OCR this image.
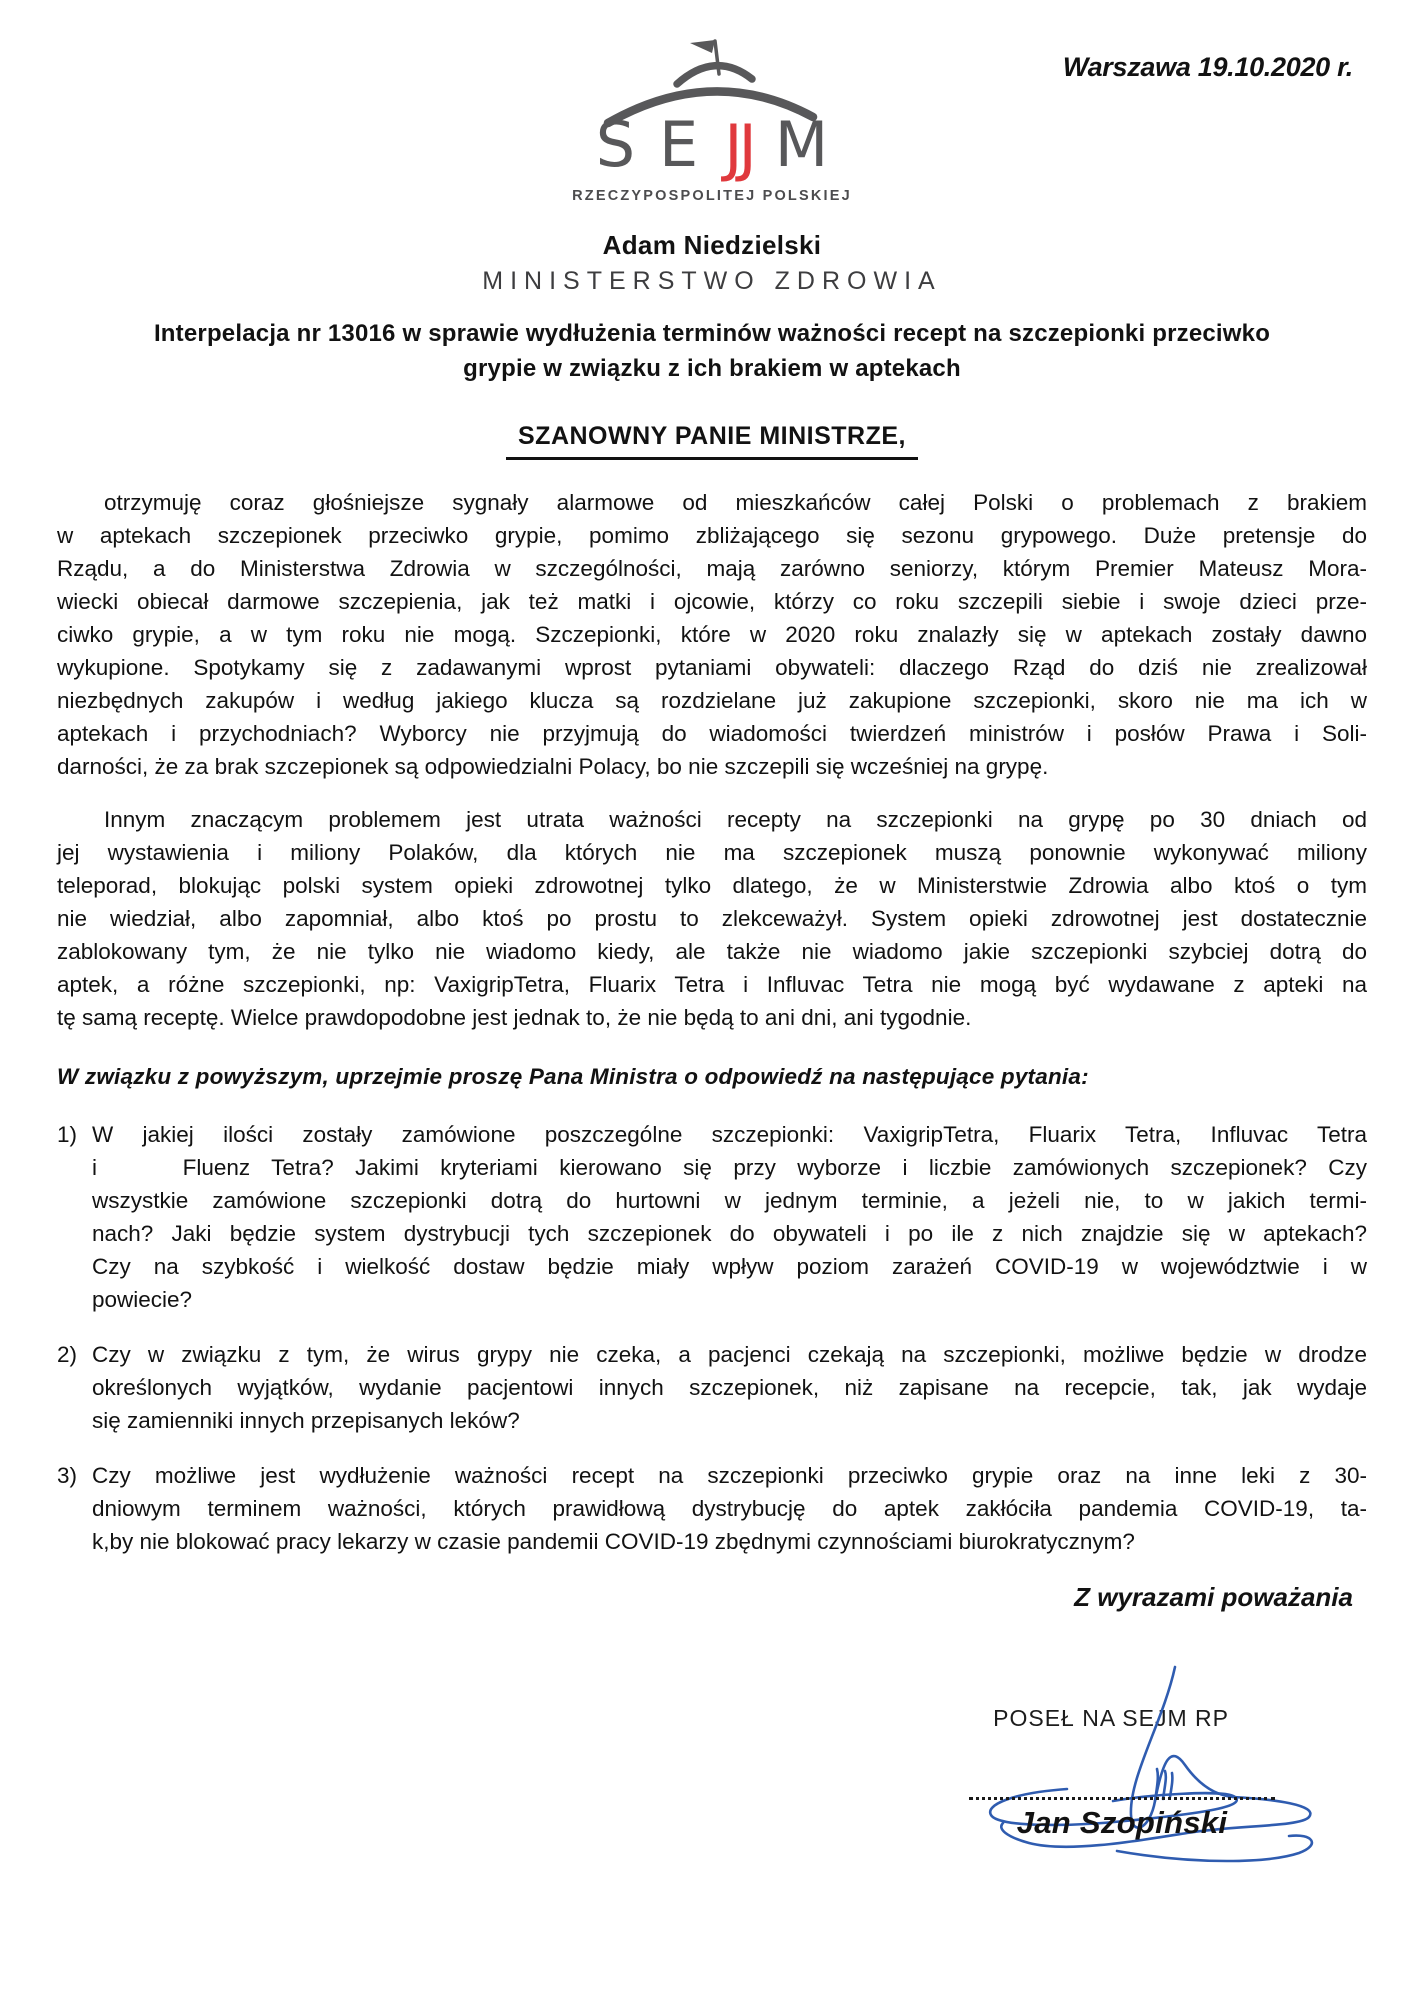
Warszawa 19.10.2020 r.
SE JJ M
RZECZYPOSPOLITEJ POLSKIEJ
Adam Niedzielski
MINISTERSTWO ZDROWIA
Interpelacja nr 13016 w sprawie wydłużenia terminów ważności recept na szczepionki przeciwko
grypie w związku z ich brakiem w aptekach
SZANOWNY PANIE MINISTRZE,
otrzymuję coraz głośniejsze sygnały alarmowe od mieszkańców całej Polski o problemach z brakiem
w aptekach szczepionek przeciwko grypie, pomimo zbliżającego się sezonu grypowego. Duże pretensje do
Rządu, a do Ministerstwa Zdrowia w szczególności, mają zarówno seniorzy, którym Premier Mateusz Mora-
wiecki obiecał darmowe szczepienia, jak też matki i ojcowie, którzy co roku szczepili siebie i swoje dzieci prze-
ciwko grypie, a w tym roku nie mogą. Szczepionki, które w 2020 roku znalazły się w aptekach zostały dawno
wykupione. Spotykamy się z zadawanymi wprost pytaniami obywateli: dlaczego Rząd do dziś nie zrealizował
niezbędnych zakupów i według jakiego klucza są rozdzielane już zakupione szczepionki, skoro nie ma ich w
aptekach i przychodniach? Wyborcy nie przyjmują do wiadomości twierdzeń ministrów i posłów Prawa i Soli-
darności, że za brak szczepionek są odpowiedzialni Polacy, bo nie szczepili się wcześniej na grypę.
Innym znaczącym problemem jest utrata ważności recepty na szczepionki na grypę po 30 dniach od
jej wystawienia i miliony Polaków, dla których nie ma szczepionek muszą ponownie wykonywać miliony
teleporad, blokując polski system opieki zdrowotnej tylko dlatego, że w Ministerstwie Zdrowia albo ktoś o tym
nie wiedział, albo zapomniał, albo ktoś po prostu to zlekceważył. System opieki zdrowotnej jest dostatecznie
zablokowany tym, że nie tylko nie wiadomo kiedy, ale także nie wiadomo jakie szczepionki szybciej dotrą do
aptek, a różne szczepionki, np: VaxigripTetra, Fluarix Tetra i Influvac Tetra nie mogą być wydawane z apteki na
tę samą receptę. Wielce prawdopodobne jest jednak to, że nie będą to ani dni, ani tygodnie.
W związku z powyższym, uprzejmie proszę Pana Ministra o odpowiedź na następujące pytania:
1) W jakiej ilości zostały zamówione poszczególne szczepionki: VaxigripTetra, Fluarix Tetra, Influvac Tetra
i    Fluenz Tetra? Jakimi kryteriami kierowano się przy wyborze i liczbie zamówionych szczepionek? Czy
wszystkie zamówione szczepionki dotrą do hurtowni w jednym terminie, a jeżeli nie, to w jakich termi-
nach? Jaki będzie system dystrybucji tych szczepionek do obywateli i po ile z nich znajdzie się w aptekach?
Czy na szybkość i wielkość dostaw będzie miały wpływ poziom zarażeń COVID-19 w województwie i w
powiecie?
2) Czy w związku z tym, że wirus grypy nie czeka, a pacjenci czekają na szczepionki, możliwe będzie w drodze
określonych wyjątków, wydanie pacjentowi innych szczepionek, niż zapisane na recepcie, tak, jak wydaje
się zamienniki innych przepisanych leków?
3) Czy możliwe jest wydłużenie ważności recept na szczepionki przeciwko grypie oraz na inne leki z 30-
dniowym terminem ważności, których prawidłową dystrybucję do aptek zakłóciła pandemia COVID-19, ta-
k,by nie blokować pracy lekarzy w czasie pandemii COVID-19 zbędnymi czynnościami biurokratycznym?
Z wyrazami poważania
POSEŁ NA SEJM RP
Jan Szopiński
